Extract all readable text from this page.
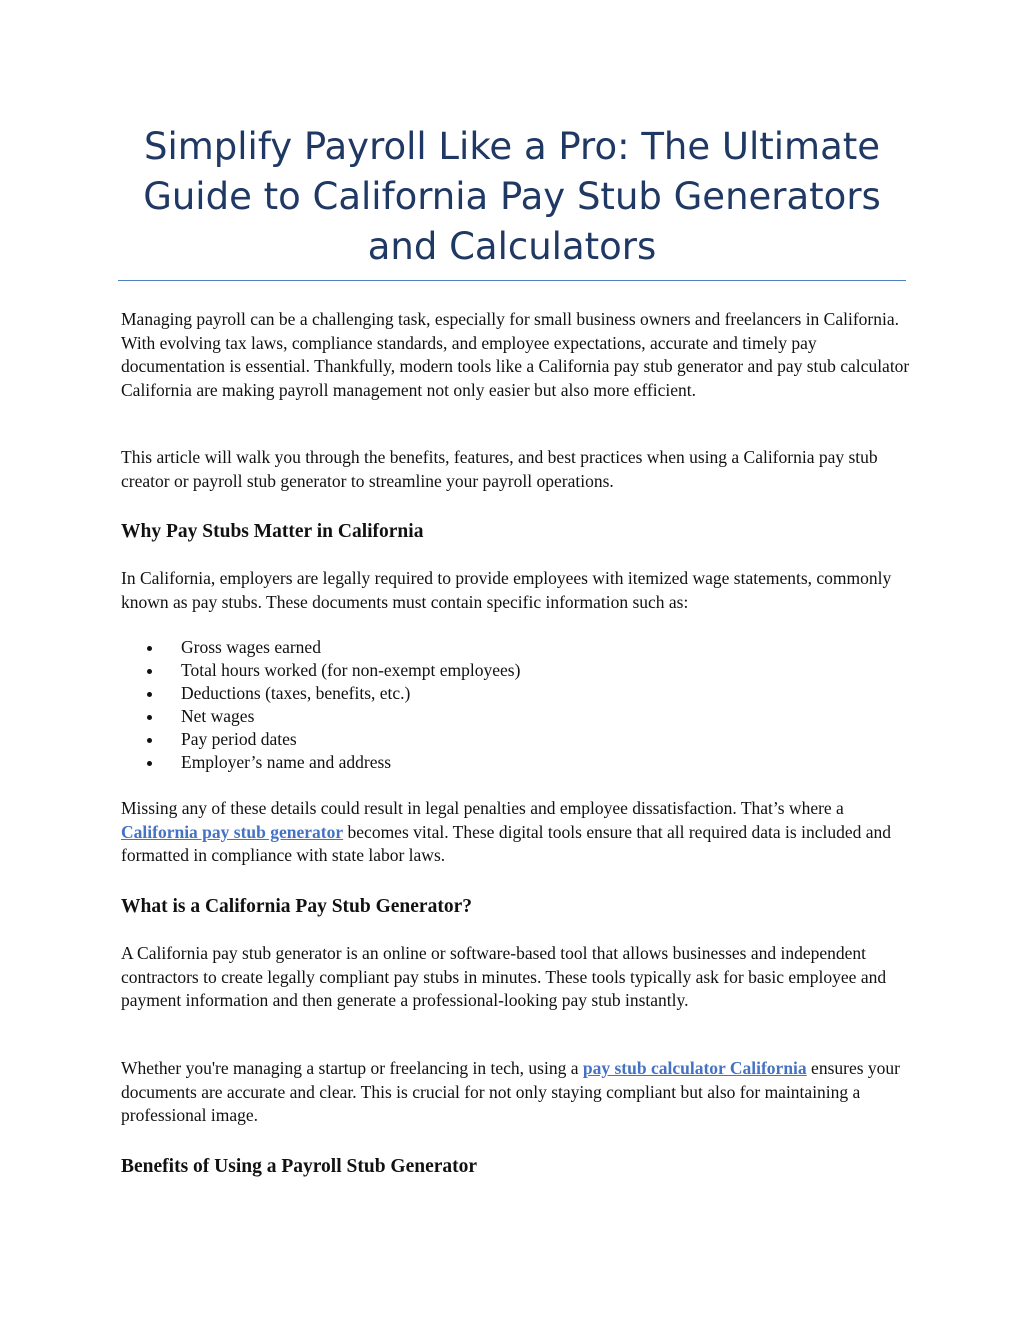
Simplify Payroll Like a Pro: The Ultimate Guide to California Pay Stub Generators and Calculators

Managing payroll can be a challenging task, especially for small business owners and freelancers in California. With evolving tax laws, compliance standards, and employee expectations, accurate and timely pay documentation is essential. Thankfully, modern tools like a California pay stub generator and pay stub calculator California are making payroll management not only easier but also more efficient.

This article will walk you through the benefits, features, and best practices when using a California pay stub creator or payroll stub generator to streamline your payroll operations.

Why Pay Stubs Matter in California

In California, employers are legally required to provide employees with itemized wage statements, commonly known as pay stubs. These documents must contain specific information such as:

Gross wages earned
Total hours worked (for non-exempt employees)
Deductions (taxes, benefits, etc.)
Net wages
Pay period dates
Employer’s name and address

Missing any of these details could result in legal penalties and employee dissatisfaction. That’s where a California pay stub generator becomes vital. These digital tools ensure that all required data is included and formatted in compliance with state labor laws.

What is a California Pay Stub Generator?

A California pay stub generator is an online or software-based tool that allows businesses and independent contractors to create legally compliant pay stubs in minutes. These tools typically ask for basic employee and payment information and then generate a professional-looking pay stub instantly.

Whether you're managing a startup or freelancing in tech, using a pay stub calculator California ensures your documents are accurate and clear. This is crucial for not only staying compliant but also for maintaining a professional image.

Benefits of Using a Payroll Stub Generator
